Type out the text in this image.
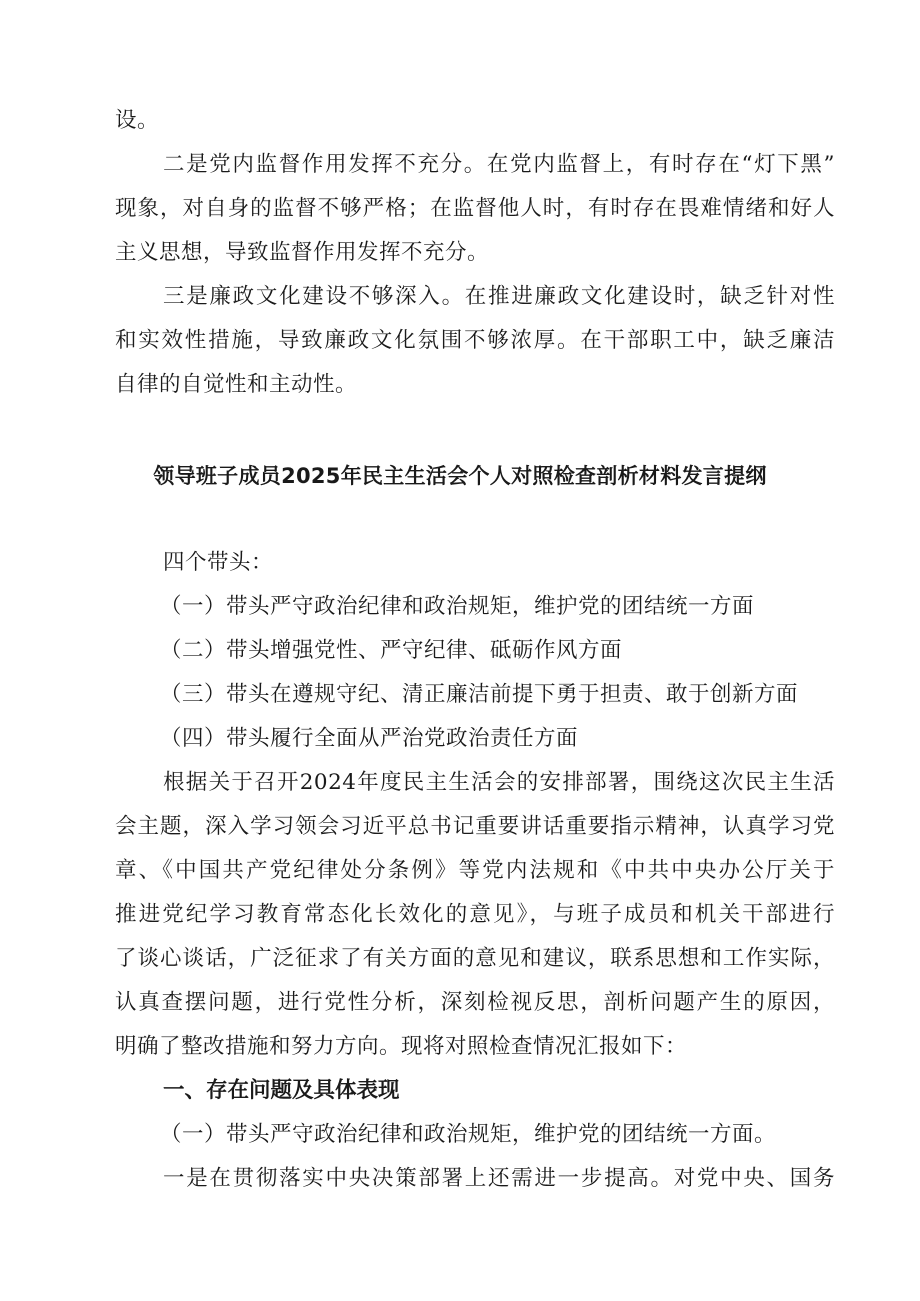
设。
二是党内监督作用发挥不充分。在党内监督上，有时存在“灯下黑”
现象，对自身的监督不够严格；在监督他人时，有时存在畏难情绪和好人
主义思想，导致监督作用发挥不充分。
三是廉政文化建设不够深入。在推进廉政文化建设时，缺乏针对性
和实效性措施，导致廉政文化氛围不够浓厚。在干部职工中，缺乏廉洁
自律的自觉性和主动性。
领导班子成员2025年民主生活会个人对照检查剖析材料发言提纲
四个带头：
（一）带头严守政治纪律和政治规矩，维护党的团结统一方面
（二）带头增强党性、严守纪律、砥砺作风方面
（三）带头在遵规守纪、清正廉洁前提下勇于担责、敢于创新方面
（四）带头履行全面从严治党政治责任方面
根据关于召开2024年度民主生活会的安排部署，围绕这次民主生活
会主题，深入学习领会习近平总书记重要讲话重要指示精神，认真学习党
章、《中国共产党纪律处分条例》等党内法规和《中共中央办公厅关于
推进党纪学习教育常态化长效化的意见》，与班子成员和机关干部进行
了谈心谈话，广泛征求了有关方面的意见和建议，联系思想和工作实际，
认真查摆问题，进行党性分析，深刻检视反思，剖析问题产生的原因，
明确了整改措施和努力方向。现将对照检查情况汇报如下：
一、存在问题及具体表现
（一）带头严守政治纪律和政治规矩，维护党的团结统一方面。
一是在贯彻落实中央决策部署上还需进一步提高。对党中央、国务
